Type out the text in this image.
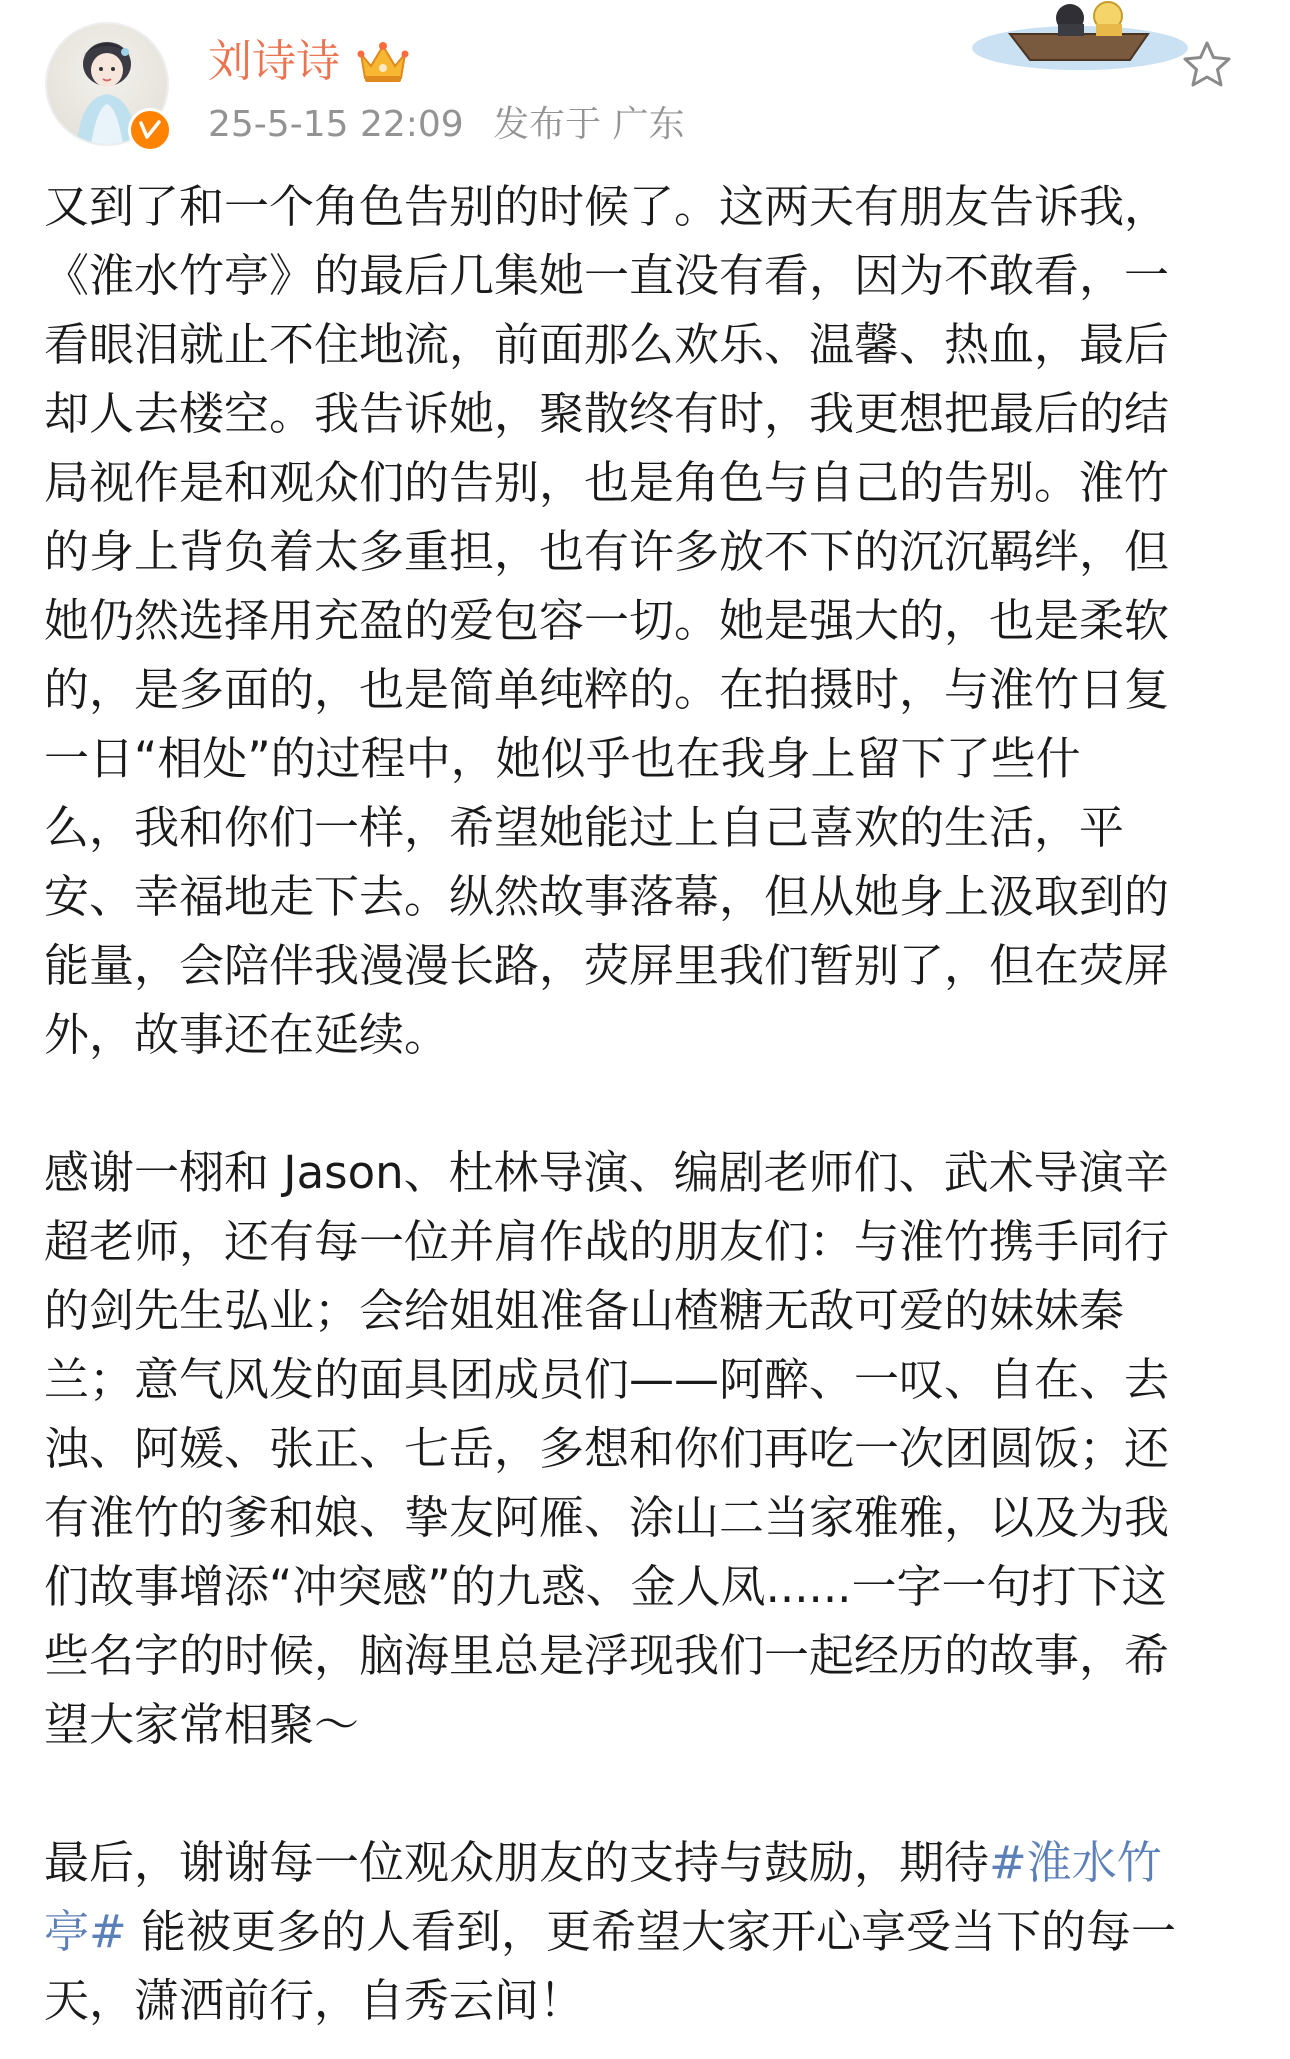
刘诗诗
25-5-15 22:09 发布于 广东

又到了和一个角色告别的时候了。这两天有朋友告诉我，

《淮水竹亭》的最后几集她一直没有看，因为不敢看，一

看眼泪就止不住地流，前面那么欢乐、温馨、热血，最后

却人去楼空。我告诉她，聚散终有时，我更想把最后的结

局视作是和观众们的告别，也是角色与自己的告别。淮竹

的身上背负着太多重担，也有许多放不下的沉沉羁绊，但

她仍然选择用充盈的爱包容一切。她是强大的，也是柔软

的，是多面的，也是简单纯粹的。在拍摄时，与淮竹日复

一日“相处”的过程中，她似乎也在我身上留下了些什

么，我和你们一样，希望她能过上自己喜欢的生活，平

安、幸福地走下去。纵然故事落幕，但从她身上汲取到的

能量，会陪伴我漫漫长路，荧屏里我们暂别了，但在荧屏

外，故事还在延续。

感谢一栩和 Jason、杜林导演、编剧老师们、武术导演辛

超老师，还有每一位并肩作战的朋友们：与淮竹携手同行

的剑先生弘业；会给姐姐准备山楂糖无敌可爱的妹妹秦

兰；意气风发的面具团成员们——阿醉、一叹、自在、去

浊、阿媛、张正、七岳，多想和你们再吃一次团圆饭；还

有淮竹的爹和娘、挚友阿雁、涂山二当家雅雅，以及为我

们故事增添“冲突感”的九惑、金人凤......一字一句打下这

些名字的时候，脑海里总是浮现我们一起经历的故事，希

望大家常相聚～

最后，谢谢每一位观众朋友的支持与鼓励，期待#淮水竹

亭# 能被更多的人看到，更希望大家开心享受当下的每一

天，潇洒前行，自秀云间！
